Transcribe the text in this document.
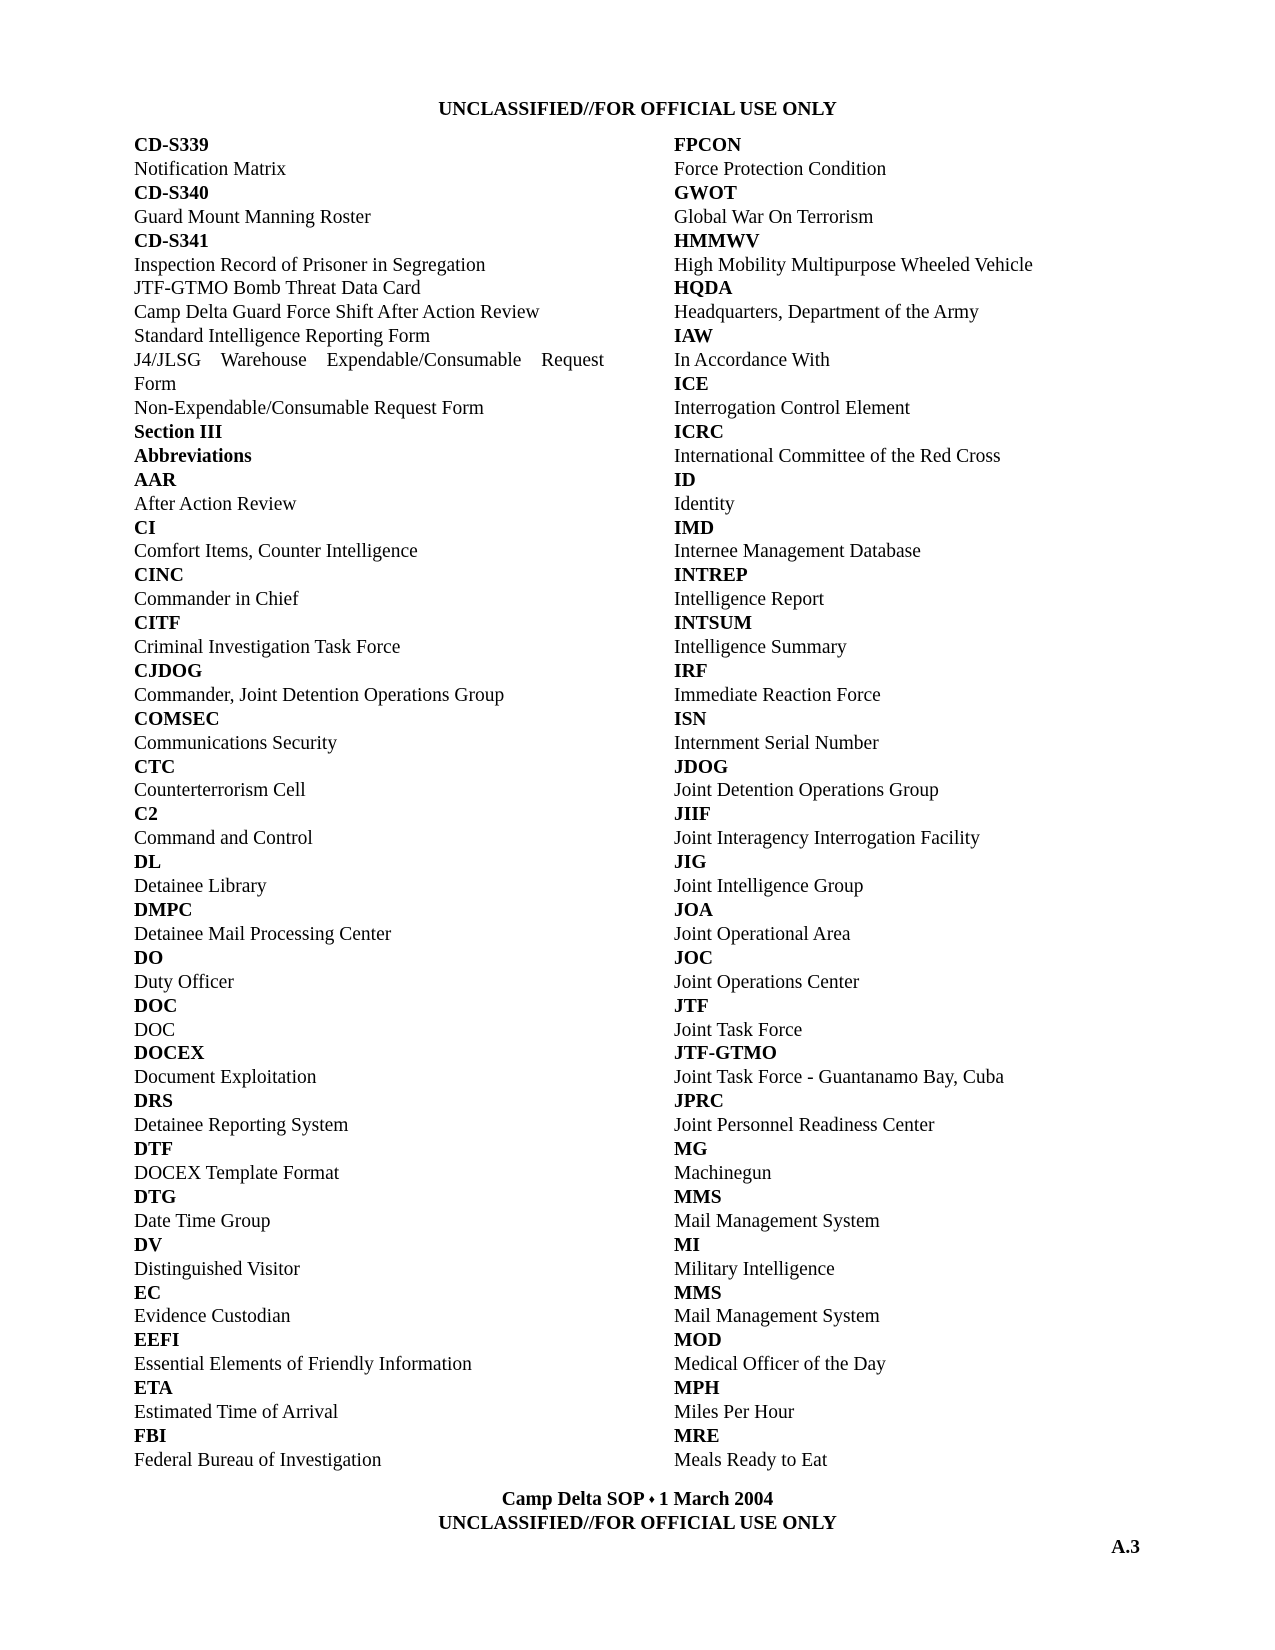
UNCLASSIFIED//FOR OFFICIAL USE ONLY
CD-S339
Notification Matrix
CD-S340
Guard Mount Manning Roster
CD-S341
Inspection Record of Prisoner in Segregation
JTF-GTMO Bomb Threat Data Card
Camp Delta Guard Force Shift After Action Review
Standard Intelligence Reporting Form
J4/JLSG Warehouse Expendable/Consumable Request
Form
Non-Expendable/Consumable Request Form
Section III
Abbreviations
AAR
After Action Review
CI
Comfort Items, Counter Intelligence
CINC
Commander in Chief
CITF
Criminal Investigation Task Force
CJDOG
Commander, Joint Detention Operations Group
COMSEC
Communications Security
CTC
Counterterrorism Cell
C2
Command and Control
DL
Detainee Library
DMPC
Detainee Mail Processing Center
DO
Duty Officer
DOC
DOC
DOCEX
Document Exploitation
DRS
Detainee Reporting System
DTF
DOCEX Template Format
DTG
Date Time Group
DV
Distinguished Visitor
EC
Evidence Custodian
EEFI
Essential Elements of Friendly Information
ETA
Estimated Time of Arrival
FBI
Federal Bureau of Investigation
FPCON
Force Protection Condition
GWOT
Global War On Terrorism
HMMWV
High Mobility Multipurpose Wheeled Vehicle
HQDA
Headquarters, Department of the Army
IAW
In Accordance With
ICE
Interrogation Control Element
ICRC
International Committee of the Red Cross
ID
Identity
IMD
Internee Management Database
INTREP
Intelligence Report
INTSUM
Intelligence Summary
IRF
Immediate Reaction Force
ISN
Internment Serial Number
JDOG
Joint Detention Operations Group
JIIF
Joint Interagency Interrogation Facility
JIG
Joint Intelligence Group
JOA
Joint Operational Area
JOC
Joint Operations Center
JTF
Joint Task Force
JTF-GTMO
Joint Task Force - Guantanamo Bay, Cuba
JPRC
Joint Personnel Readiness Center
MG
Machinegun
MMS
Mail Management System
MI
Military Intelligence
MMS
Mail Management System
MOD
Medical Officer of the Day
MPH
Miles Per Hour
MRE
Meals Ready to Eat
Camp Delta SOP ♦ 1 March 2004
UNCLASSIFIED//FOR OFFICIAL USE ONLY
A.3
